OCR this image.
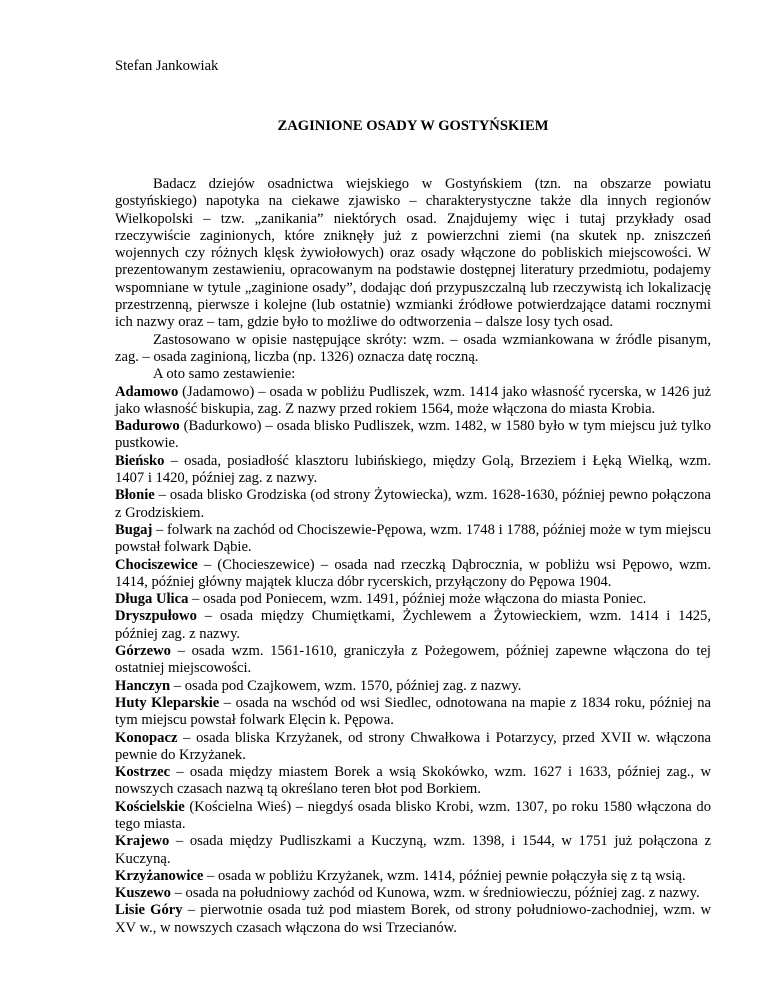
Stefan Jankowiak
ZAGINIONE OSADY W GOSTYŃSKIEM

Badacz dziejów osadnictwa wiejskiego w Gostyńskiem (tzn. na obszarze powiatu gostyńskiego) napotyka na ciekawe zjawisko – charakterystyczne także dla innych regionów Wielkopolski – tzw. „zanikania” niektórych osad. Znajdujemy więc i tutaj przykłady osad rzeczywiście zaginionych, które zniknęły już z powierzchni ziemi (na skutek np. zniszczeń wojennych czy różnych klęsk żywiołowych) oraz osady włączone do pobliskich miejscowości. W prezentowanym zestawieniu, opracowanym na podstawie dostępnej literatury przedmiotu, podajemy wspomniane w tytule „zaginione osady”, dodając doń przypuszczalną lub rzeczywistą ich lokalizację przestrzenną, pierwsze i kolejne (lub ostatnie) wzmianki źródłowe potwierdzające datami rocznymi ich nazwy oraz – tam, gdzie było to możliwe do odtworzenia – dalsze losy tych osad.

Zastosowano w opisie następujące skróty: wzm. – osada wzmiankowana w źródle pisanym, zag. – osada zaginioną, liczba (np. 1326) oznacza datę roczną.

A oto samo zestawienie:

Adamowo (Jadamowo) – osada w pobliżu Pudliszek, wzm. 1414 jako własność rycerska, w 1426 już jako własność biskupia, zag. Z nazwy przed rokiem 1564, może włączona do miasta Krobia.

Badurowo (Badurkowo) – osada blisko Pudliszek, wzm. 1482, w 1580 było w tym miejscu już tylko pustkowie.

Bieńsko – osada, posiadłość klasztoru lubińskiego, między Golą, Brzeziem i Łęką Wielką, wzm. 1407 i 1420, później zag. z nazwy.

Błonie – osada blisko Grodziska (od strony Żytowiecka), wzm. 1628-1630, później pewno połączona z Grodziskiem.

Bugaj – folwark na zachód od Chociszewie-Pępowa, wzm. 1748 i 1788, później może w tym miejscu powstał folwark Dąbie.

Chociszewice – (Chocieszewice) – osada nad rzeczką Dąbrocznia, w pobliżu wsi Pępowo, wzm. 1414, później główny majątek klucza dóbr rycerskich, przyłączony do Pępowa 1904.

Długa Ulica – osada pod Poniecem, wzm. 1491, później może włączona do miasta Poniec.

Dryszpułowo – osada między Chumiętkami, Żychlewem a Żytowieckiem, wzm. 1414 i 1425, później zag. z nazwy.

Górzewo – osada wzm. 1561-1610, graniczyła z Pożegowem, później zapewne włączona do tej ostatniej miejscowości.

Hanczyn – osada pod Czajkowem, wzm. 1570, później zag. z nazwy.

Huty Kleparskie – osada na wschód od wsi Siedlec, odnotowana na mapie z 1834 roku, później na tym miejscu powstał folwark Elęcin k. Pępowa.

Konopacz – osada bliska Krzyżanek, od strony Chwałkowa i Potarzycy, przed XVII w. włączona pewnie do Krzyżanek.

Kostrzec – osada między miastem Borek a wsią Skokówko, wzm. 1627 i 1633, później zag., w nowszych czasach nazwą tą określano teren błot pod Borkiem.

Kościelskie (Kościelna Wieś) – niegdyś osada blisko Krobi, wzm. 1307, po roku 1580 włączona do tego miasta.

Krajewo – osada między Pudliszkami a Kuczyną, wzm. 1398, i 1544, w 1751 już połączona z Kuczyną.

Krzyżanowice – osada w pobliżu Krzyżanek, wzm. 1414, później pewnie połączyła się z tą wsią.

Kuszewo – osada na południowy zachód od Kunowa, wzm. w średniowieczu, później zag. z nazwy.

Lisie Góry – pierwotnie osada tuż pod miastem Borek, od strony południowo-zachodniej, wzm. w XV w., w nowszych czasach włączona do wsi Trzecianów.
